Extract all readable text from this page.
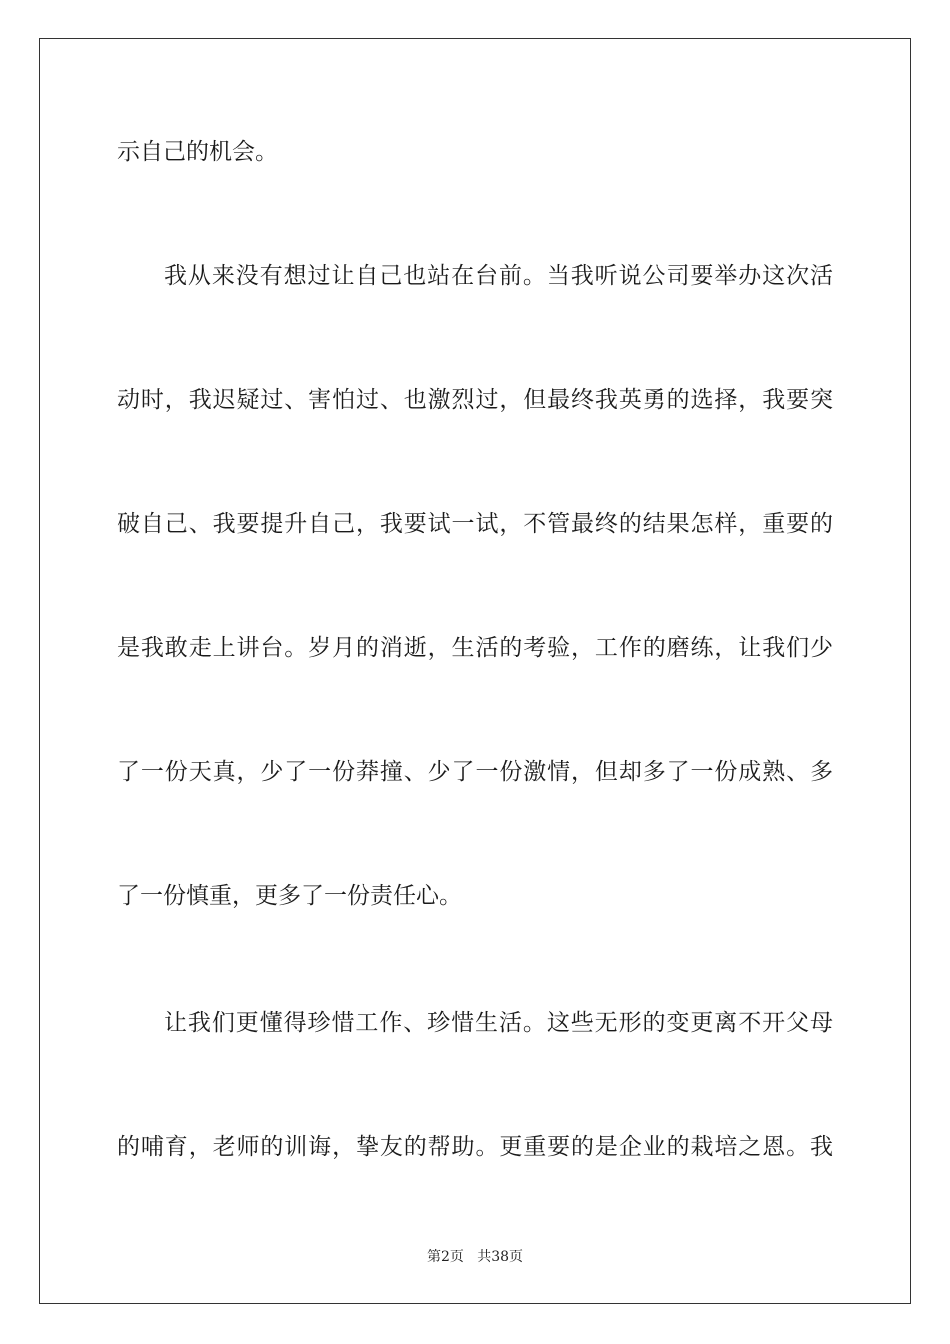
示自己的机会。
我从来没有想过让自己也站在台前。当我听说公司要举办这次活
动时，我迟疑过、害怕过、也激烈过，但最终我英勇的选择，我要突
破自己、我要提升自己，我要试一试，不管最终的结果怎样，重要的
是我敢走上讲台。岁月的消逝，生活的考验，工作的磨练，让我们少
了一份天真，少了一份莽撞、少了一份激情，但却多了一份成熟、多
了一份慎重，更多了一份责任心。
让我们更懂得珍惜工作、珍惜生活。这些无形的变更离不开父母
的哺育，老师的训诲，挚友的帮助。更重要的是企业的栽培之恩。我
第2页   共38页
